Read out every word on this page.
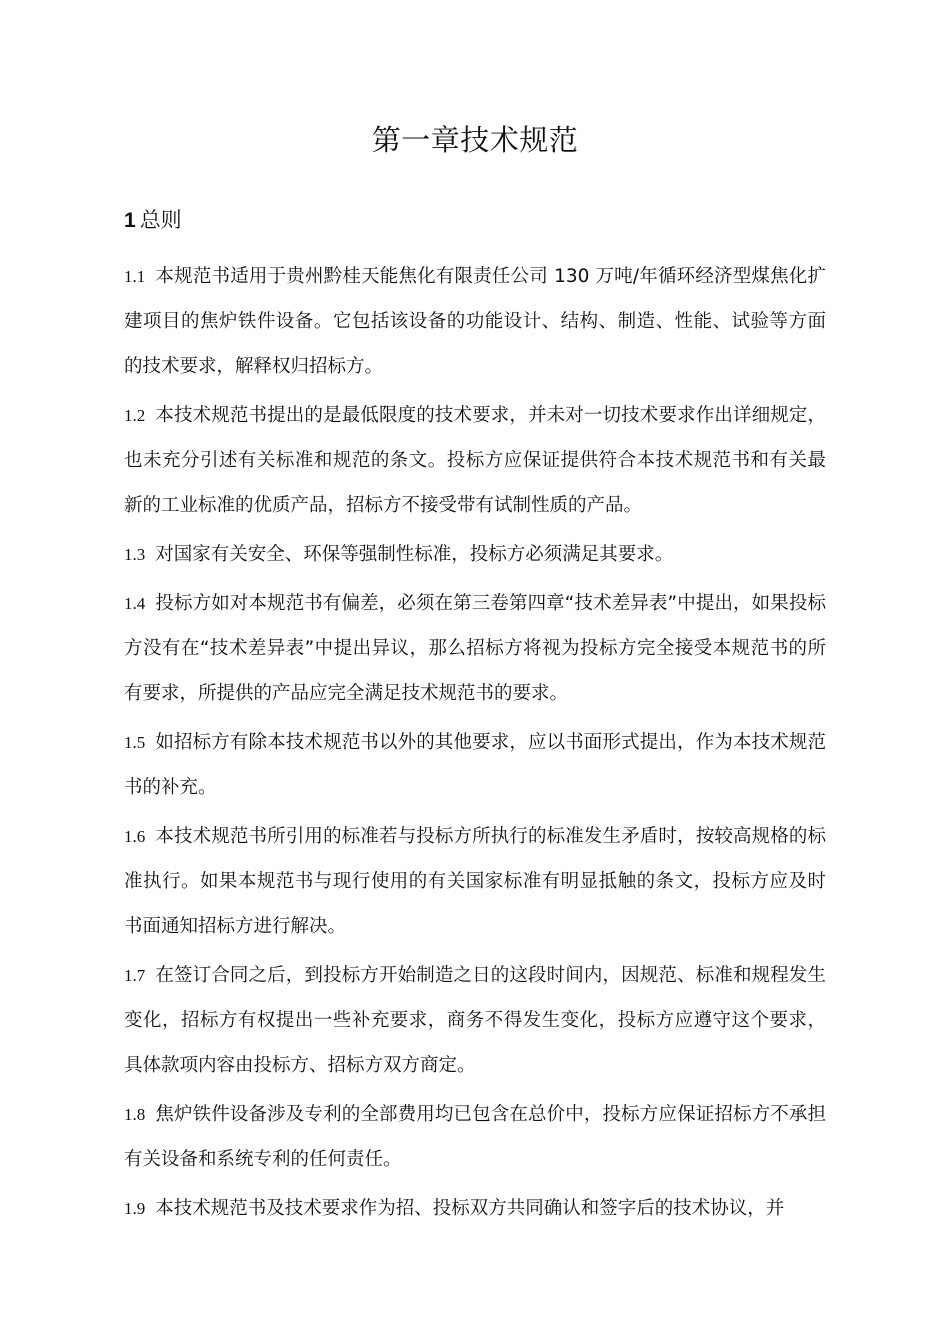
第一章技术规范
1 总则

1.1 本规范书适用于贵州黔桂天能焦化有限责任公司 130 万吨/年循环经济型煤焦化扩建项目的焦炉铁件设备。它包括该设备的功能设计、结构、制造、性能、试验等方面的技术要求，解释权归招标方。

1.2 本技术规范书提出的是最低限度的技术要求，并未对一切技术要求作出详细规定，也未充分引述有关标准和规范的条文。投标方应保证提供符合本技术规范书和有关最新的工业标准的优质产品，招标方不接受带有试制性质的产品。

1.3 对国家有关安全、环保等强制性标准，投标方必须满足其要求。

1.4 投标方如对本规范书有偏差，必须在第三卷第四章“技术差异表”中提出，如果投标方没有在“技术差异表”中提出异议，那么招标方将视为投标方完全接受本规范书的所有要求，所提供的产品应完全满足技术规范书的要求。

1.5 如招标方有除本技术规范书以外的其他要求，应以书面形式提出，作为本技术规范书的补充。

1.6 本技术规范书所引用的标准若与投标方所执行的标准发生矛盾时，按较高规格的标准执行。如果本规范书与现行使用的有关国家标准有明显抵触的条文，投标方应及时书面通知招标方进行解决。

1.7 在签订合同之后，到投标方开始制造之日的这段时间内，因规范、标准和规程发生变化，招标方有权提出一些补充要求，商务不得发生变化，投标方应遵守这个要求，具体款项内容由投标方、招标方双方商定。

1.8 焦炉铁件设备涉及专利的全部费用均已包含在总价中，投标方应保证招标方不承担有关设备和系统专利的任何责任。

1.9 本技术规范书及技术要求作为招、投标双方共同确认和签字后的技术协议，并
